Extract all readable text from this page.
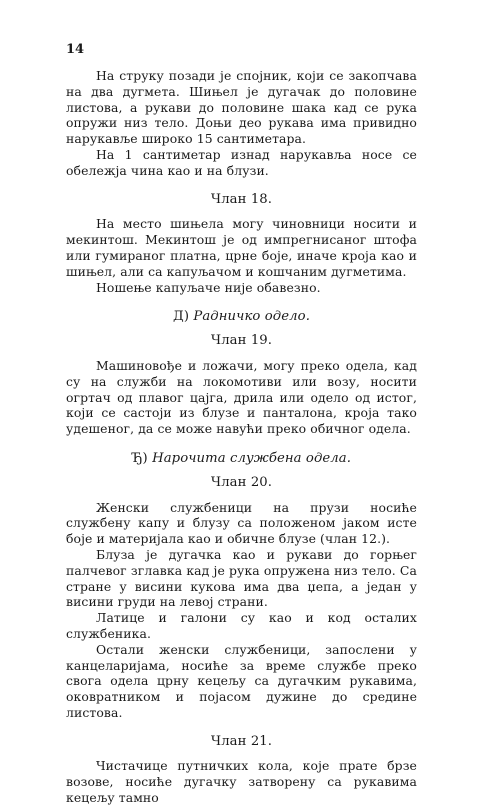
14

На струку позади је спојник, који се закопчава на два дугмета. Шињел је дугачак до половине листова, а рукави до половине шака кад се рука опружи низ тело. Доњи део рукава има привидно нарукавље широко 15 сантиметара.

На 1 сантиметар изнад нарукавља носе се обележја чина као и на блузи.

Члан 18.

На место шињела могу чиновници носити и мекинтош. Мекинтош је од импрегнисаног штофа или гумираног платна, црне боје, иначе кроја као и шињел, али са капуљачом и кошчаним дугметима.

Ношење капуљаче није обавезно.

Д) Радничко одело.
Члан 19.

Машиновође и ложачи, могу преко одела, кад су на служби на локомотиви или возу, носити огртач од плавог цајга, дрила или одело од истог, који се састоји из блузе и панталона, кроја тако удешеног, да се може навући преко обичног одела.

Ђ) Нарочита службена одела.
Члан 20.

Женски службеници на прузи носиће службену капу и блузу са положеном јаком исте боје и материјала као и обичне блузе (члан 12.).

Блуза је дугачка као и рукави до горњег палчевог зглавка кад је рука опружена низ тело. Са стране у висини кукова има два џепа, а један у висини груди на левој страни.

Латице и галони су као и код осталих службеника.

Остали женски службеници, запослени у канцеларијама, носиће за време службе преко свога одела црну кецељу са дугачким рукавима, оковратником и појасом дужине до средине листова.

Члан 21.

Чистачице путничких кола, које прате брзе возове, носиће дугачку затворену са рукавима кецељу тамно
